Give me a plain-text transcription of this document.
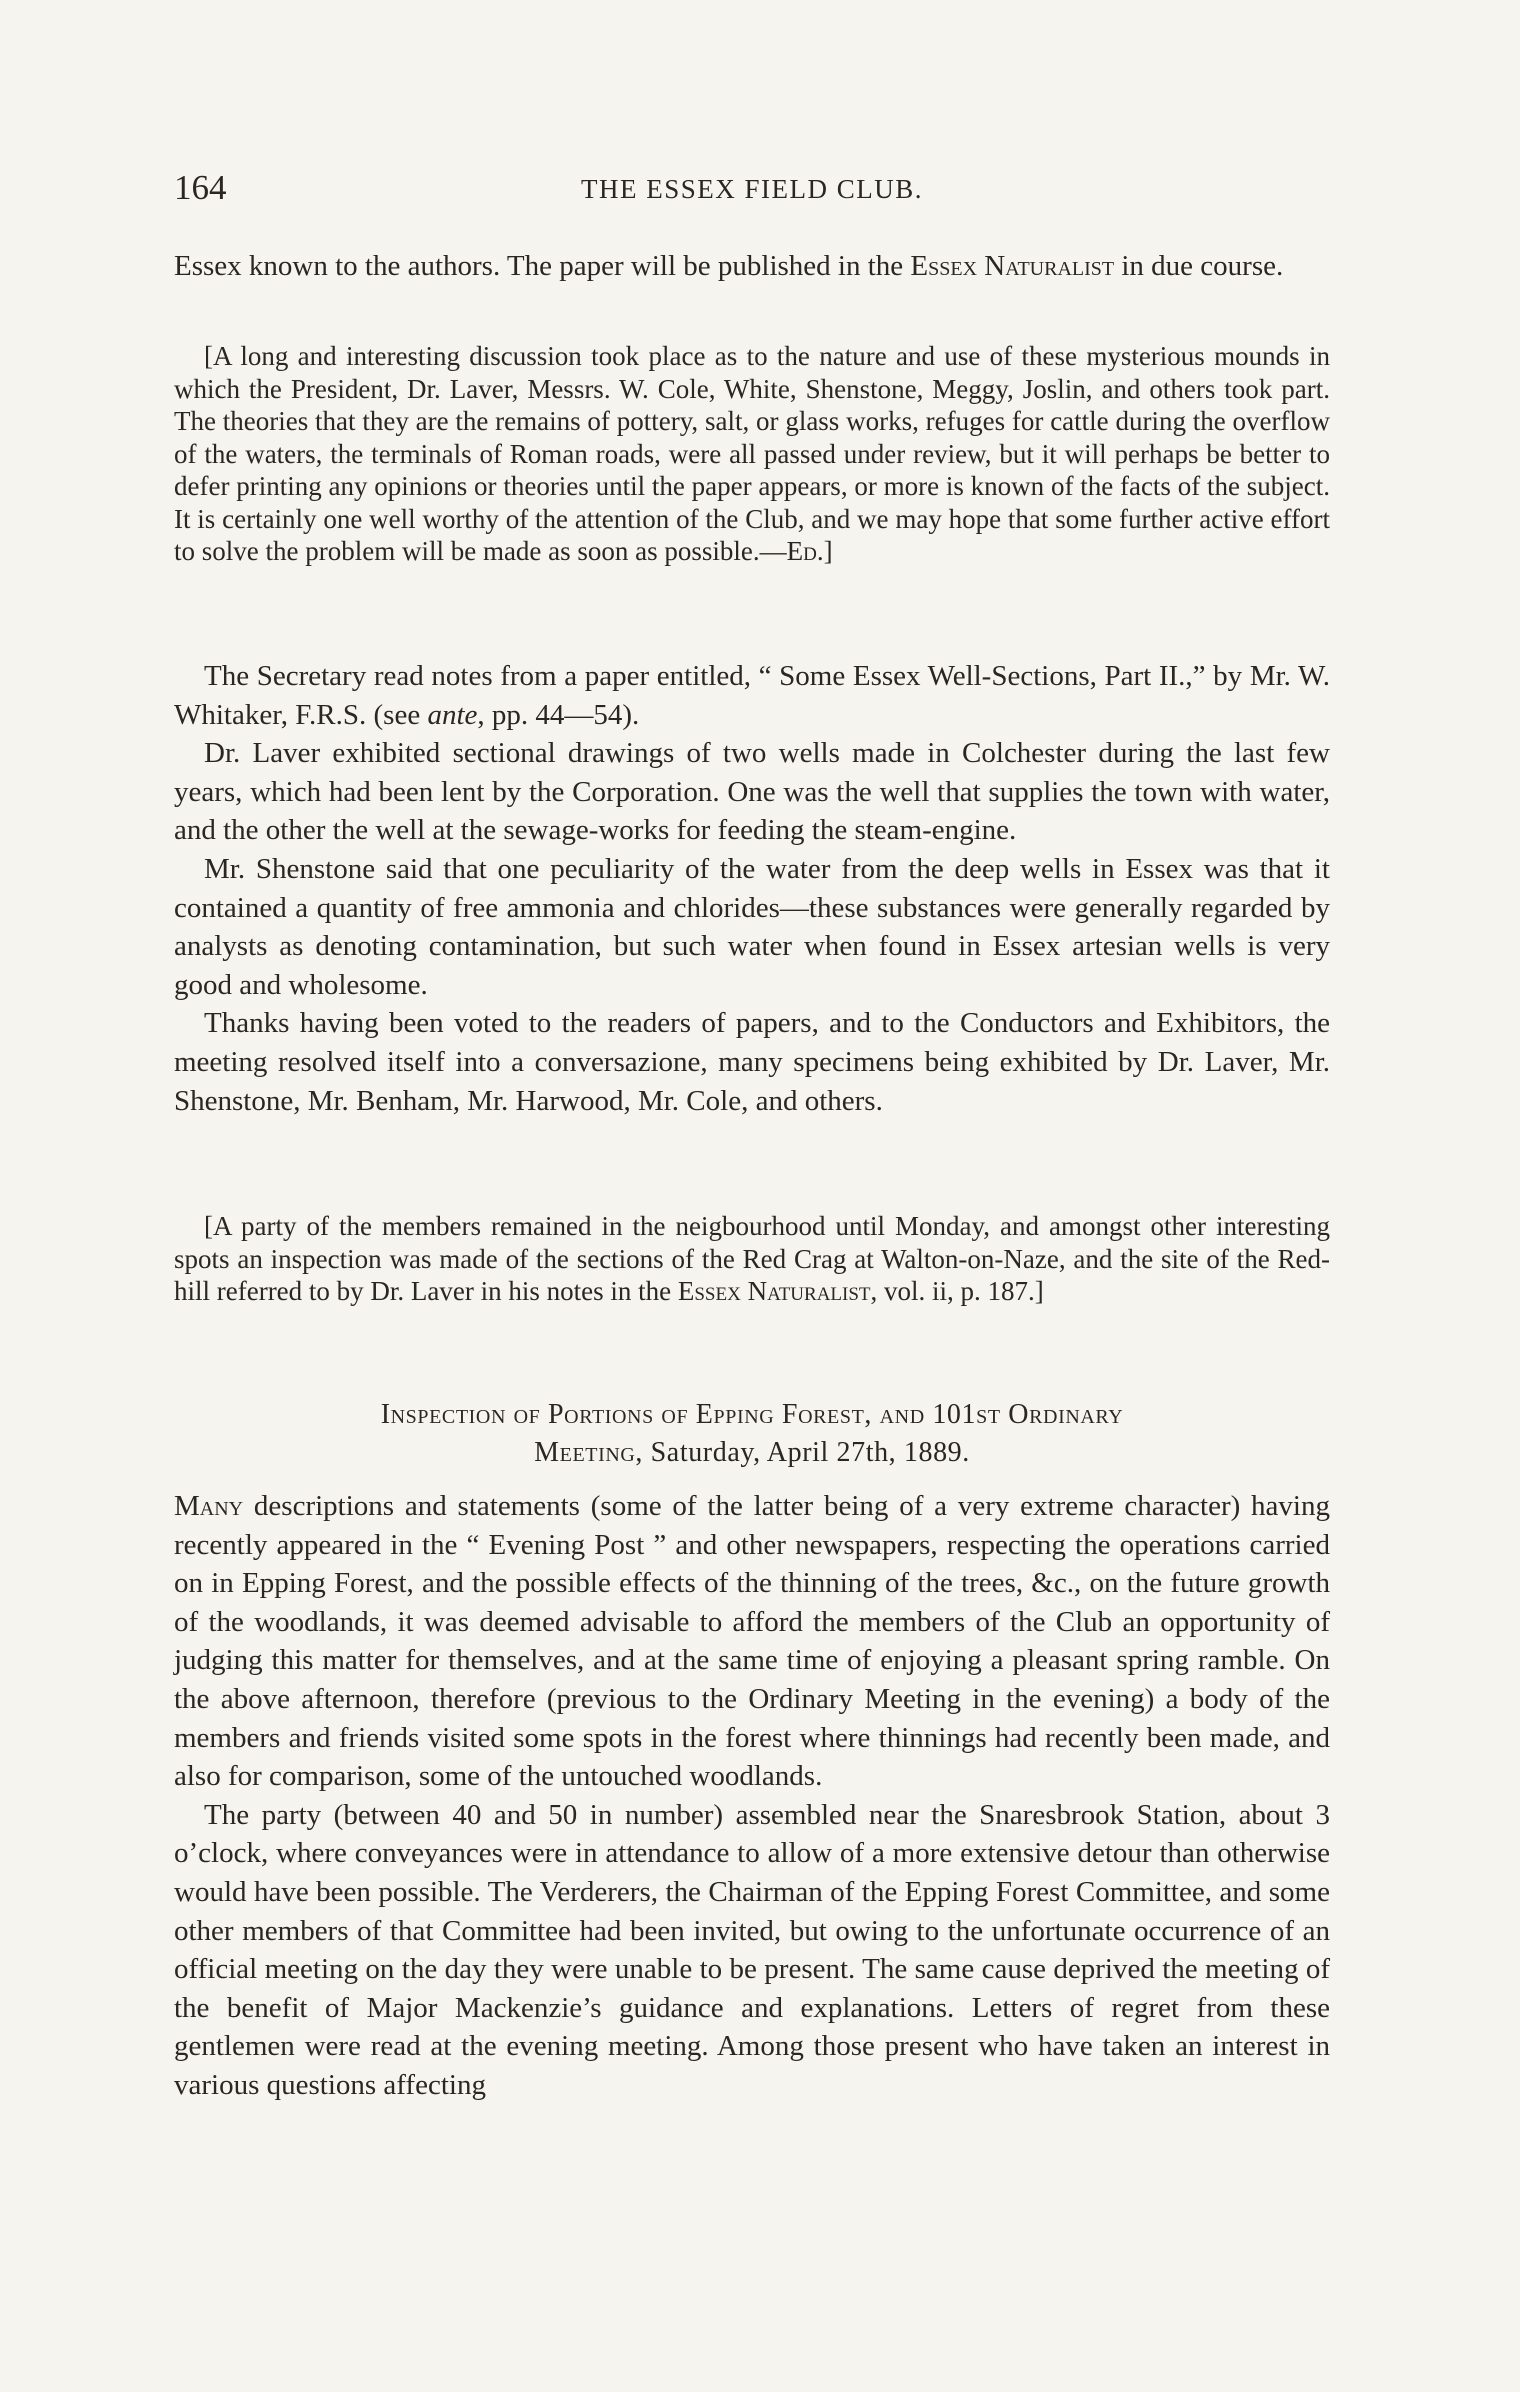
164	THE ESSEX FIELD CLUB.

Essex known to the authors. The paper will be published in the Essex Naturalist in due course.

[A long and interesting discussion took place as to the nature and use of these mysterious mounds in which the President, Dr. Laver, Messrs. W. Cole, White, Shenstone, Meggy, Joslin, and others took part. The theories that they are the remains of pottery, salt, or glass works, refuges for cattle during the overflow of the waters, the terminals of Roman roads, were all passed under review, but it will perhaps be better to defer printing any opinions or theories until the paper appears, or more is known of the facts of the subject. It is certainly one well worthy of the attention of the Club, and we may hope that some further active effort to solve the problem will be made as soon as possible.—Ed.]

The Secretary read notes from a paper entitled, “ Some Essex Well-Sections, Part II.,” by Mr. W. Whitaker, F.R.S. (see ante, pp. 44—54).

Dr. Laver exhibited sectional drawings of two wells made in Colchester during the last few years, which had been lent by the Corporation. One was the well that supplies the town with water, and the other the well at the sewage-works for feeding the steam-engine.

Mr. Shenstone said that one peculiarity of the water from the deep wells in Essex was that it contained a quantity of free ammonia and chlorides—these substances were generally regarded by analysts as denoting contamination, but such water when found in Essex artesian wells is very good and wholesome.

Thanks having been voted to the readers of papers, and to the Conductors and Exhibitors, the meeting resolved itself into a conversazione, many specimens being exhibited by Dr. Laver, Mr. Shenstone, Mr. Benham, Mr. Harwood, Mr. Cole, and others.

[A party of the members remained in the neigbourhood until Monday, and amongst other interesting spots an inspection was made of the sections of the Red Crag at Walton-on-Naze, and the site of the Red-hill referred to by Dr. Laver in his notes in the Essex Naturalist, vol. ii, p. 187.]

Inspection of Portions of Epping Forest, and 101st Ordinary
Meeting, Saturday, April 27th, 1889.

Many descriptions and statements (some of the latter being of a very extreme character) having recently appeared in the “ Evening Post ” and other newspapers, respecting the operations carried on in Epping Forest, and the possible effects of the thinning of the trees, &c., on the future growth of the woodlands, it was deemed advisable to afford the members of the Club an opportunity of judging this matter for themselves, and at the same time of enjoying a pleasant spring ramble. On the above afternoon, therefore (previous to the Ordinary Meeting in the evening) a body of the members and friends visited some spots in the forest where thinnings had recently been made, and also for comparison, some of the untouched woodlands.

The party (between 40 and 50 in number) assembled near the Snaresbrook Station, about 3 o’clock, where conveyances were in attendance to allow of a more extensive detour than otherwise would have been possible. The Verderers, the Chairman of the Epping Forest Committee, and some other members of that Committee had been invited, but owing to the unfortunate occurrence of an official meeting on the day they were unable to be present. The same cause deprived the meeting of the benefit of Major Mackenzie’s guidance and explanations. Letters of regret from these gentlemen were read at the evening meeting. Among those present who have taken an interest in various questions affecting
